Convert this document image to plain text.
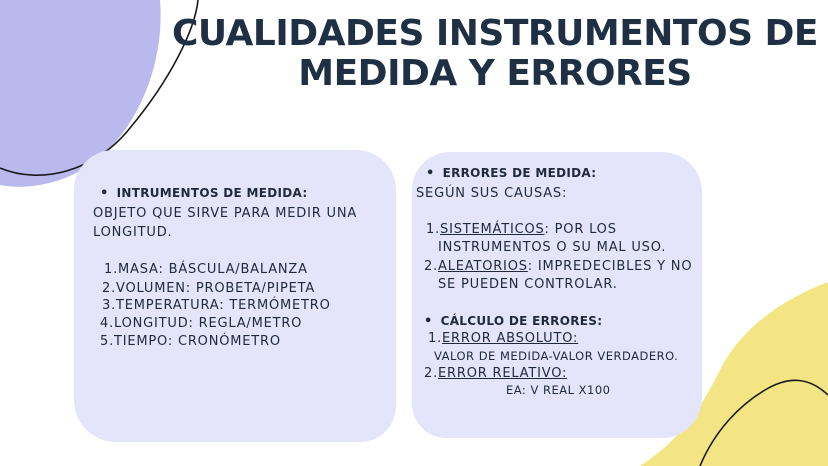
CUALIDADES INSTRUMENTOS DE
MEDIDA Y ERRORES
• INTRUMENTOS DE MEDIDA:
OBJETO QUE SIRVE PARA MEDIR UNA
LONGITUD.
1.MASA: BÁSCULA/BALANZA
2.VOLUMEN: PROBETA/PIPETA
3.TEMPERATURA: TERMÓMETRO
4.LONGITUD: REGLA/METRO
5.TIEMPO: CRONÓMETRO
• ERRORES DE MEDIDA:
SEGÚN SUS CAUSAS:
1.SISTEMÁTICOS: POR LOS
INSTRUMENTOS O SU MAL USO.
2.ALEATORIOS: IMPREDECIBLES Y NO
SE PUEDEN CONTROLAR.
• CÁLCULO DE ERRORES:
1.ERROR ABSOLUTO:
VALOR DE MEDIDA-VALOR VERDADERO.
2.ERROR RELATIVO:
EA: V REAL X100
